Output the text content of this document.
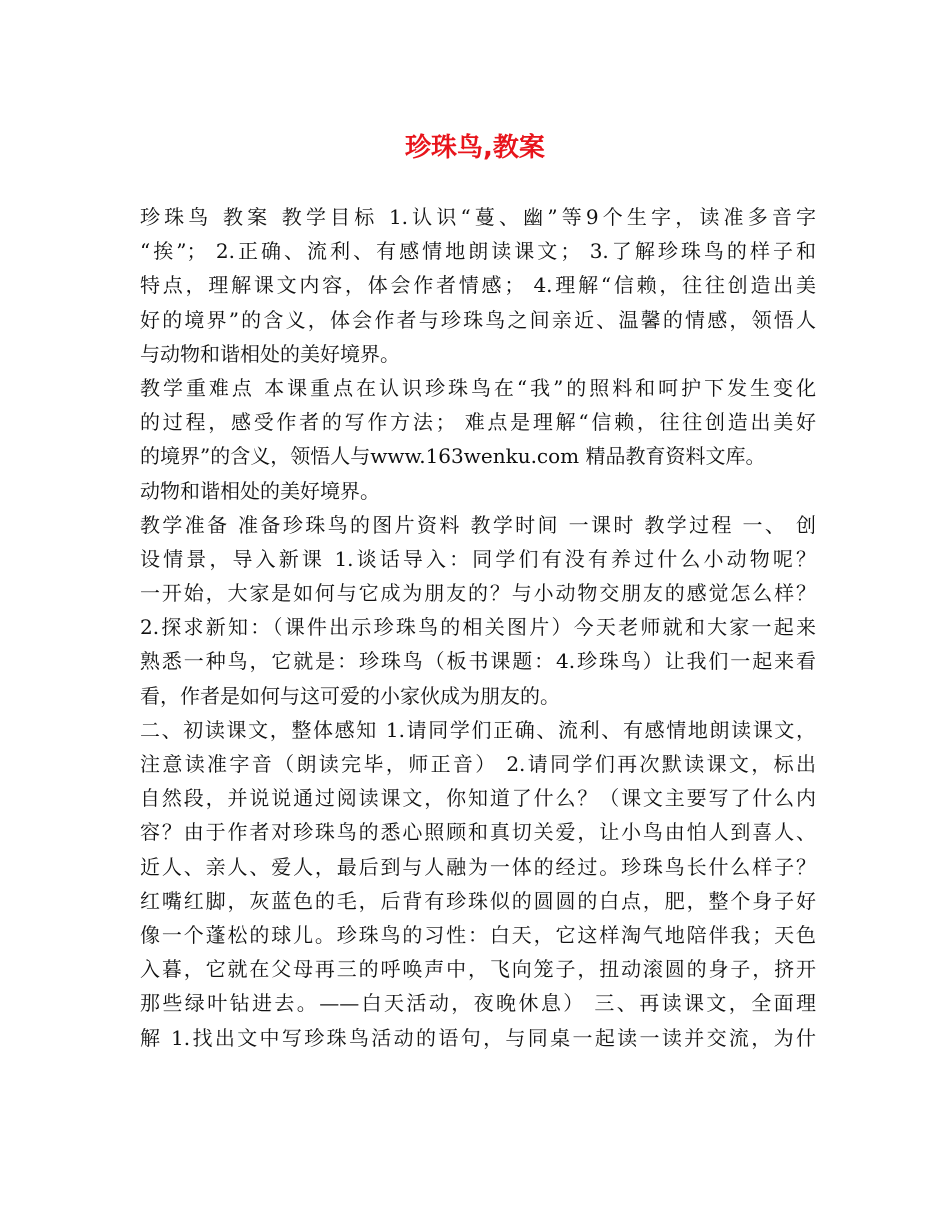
珍珠鸟,教案
珍珠鸟 教案 教学目标 1.认识“蔓、幽”等9个生字，读准多音字
“挨”； 2.正确、流利、有感情地朗读课文； 3.了解珍珠鸟的样子和
特点，理解课文内容，体会作者情感； 4.理解“信赖，往往创造出美
好的境界”的含义，体会作者与珍珠鸟之间亲近、温馨的情感，领悟人
与动物和谐相处的美好境界。
教学重难点 本课重点在认识珍珠鸟在“我”的照料和呵护下发生变化
的过程，感受作者的写作方法； 难点是理解“信赖，往往创造出美好
的境界”的含义，领悟人与www.163wenku.com 精品教育资料文库。
动物和谐相处的美好境界。
教学准备 准备珍珠鸟的图片资料 教学时间 一课时 教学过程 一、 创
设情景，导入新课 1.谈话导入：同学们有没有养过什么小动物呢？
一开始，大家是如何与它成为朋友的？与小动物交朋友的感觉怎么样？
2.探求新知：（课件出示珍珠鸟的相关图片）今天老师就和大家一起来
熟悉一种鸟，它就是：珍珠鸟（板书课题：4.珍珠鸟）让我们一起来看
看，作者是如何与这可爱的小家伙成为朋友的。
二、初读课文，整体感知 1.请同学们正确、流利、有感情地朗读课文，
注意读准字音（朗读完毕，师正音） 2.请同学们再次默读课文，标出
自然段，并说说通过阅读课文，你知道了什么？（课文主要写了什么内
容？由于作者对珍珠鸟的悉心照顾和真切关爱，让小鸟由怕人到喜人、
近人、亲人、爱人，最后到与人融为一体的经过。珍珠鸟长什么样子？
红嘴红脚，灰蓝色的毛，后背有珍珠似的圆圆的白点，肥，整个身子好
像一个蓬松的球儿。珍珠鸟的习性：白天，它这样淘气地陪伴我；天色
入暮，它就在父母再三的呼唤声中，飞向笼子，扭动滚圆的身子，挤开
那些绿叶钻进去。——白天活动，夜晚休息） 三、再读课文，全面理
解 1.找出文中写珍珠鸟活动的语句，与同桌一起读一读并交流，为什
